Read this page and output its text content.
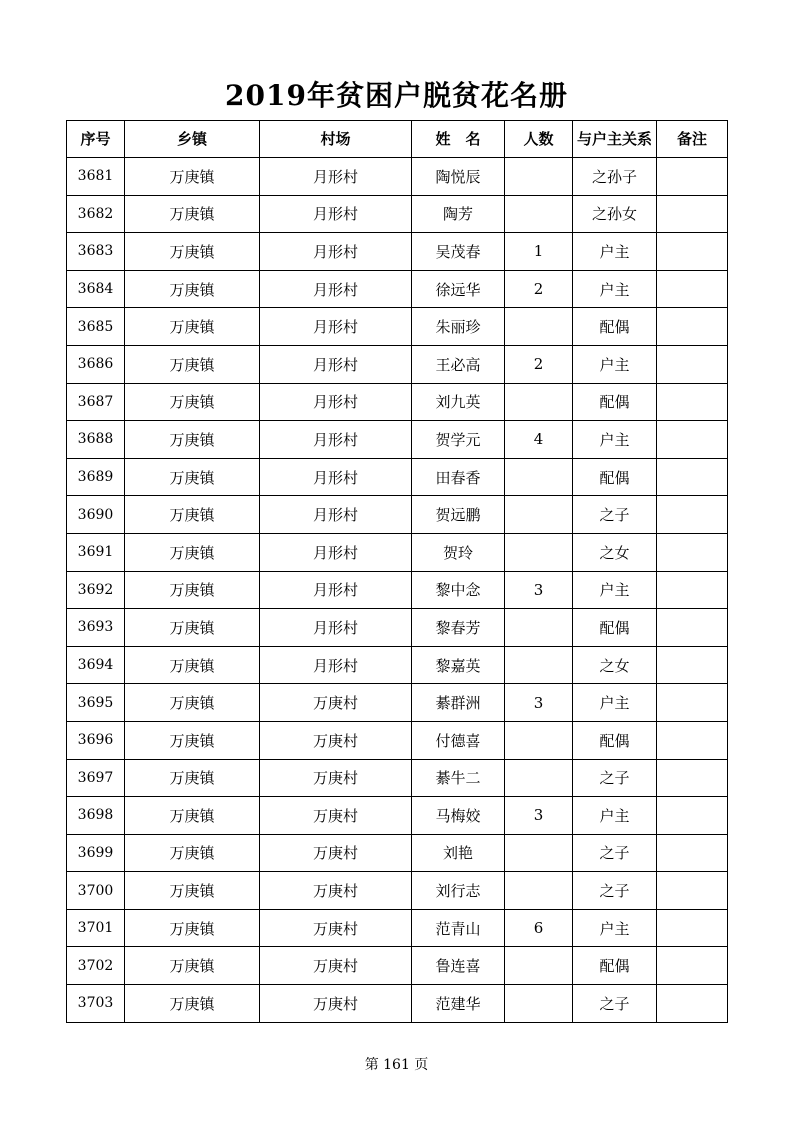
2019年贫困户脱贫花名册
序号	乡镇	村场	姓　名	人数	与户主关系	备注
3681	万庚镇	月形村	陶悦辰		之孙子	
3682	万庚镇	月形村	陶芳		之孙女	
3683	万庚镇	月形村	吴茂春	1	户主	
3684	万庚镇	月形村	徐远华	2	户主	
3685	万庚镇	月形村	朱丽珍		配偶	
3686	万庚镇	月形村	王必高	2	户主	
3687	万庚镇	月形村	刘九英		配偶	
3688	万庚镇	月形村	贺学元	4	户主	
3689	万庚镇	月形村	田春香		配偶	
3690	万庚镇	月形村	贺远鹏		之子	
3691	万庚镇	月形村	贺玲		之女	
3692	万庚镇	月形村	黎中念	3	户主	
3693	万庚镇	月形村	黎春芳		配偶	
3694	万庚镇	月形村	黎嘉英		之女	
3695	万庚镇	万庚村	綦群洲	3	户主	
3696	万庚镇	万庚村	付德喜		配偶	
3697	万庚镇	万庚村	綦牛二		之子	
3698	万庚镇	万庚村	马梅姣	3	户主	
3699	万庚镇	万庚村	刘艳		之子	
3700	万庚镇	万庚村	刘行志		之子	
3701	万庚镇	万庚村	范青山	6	户主	
3702	万庚镇	万庚村	鲁连喜		配偶	
3703	万庚镇	万庚村	范建华		之子	
第 161 页
